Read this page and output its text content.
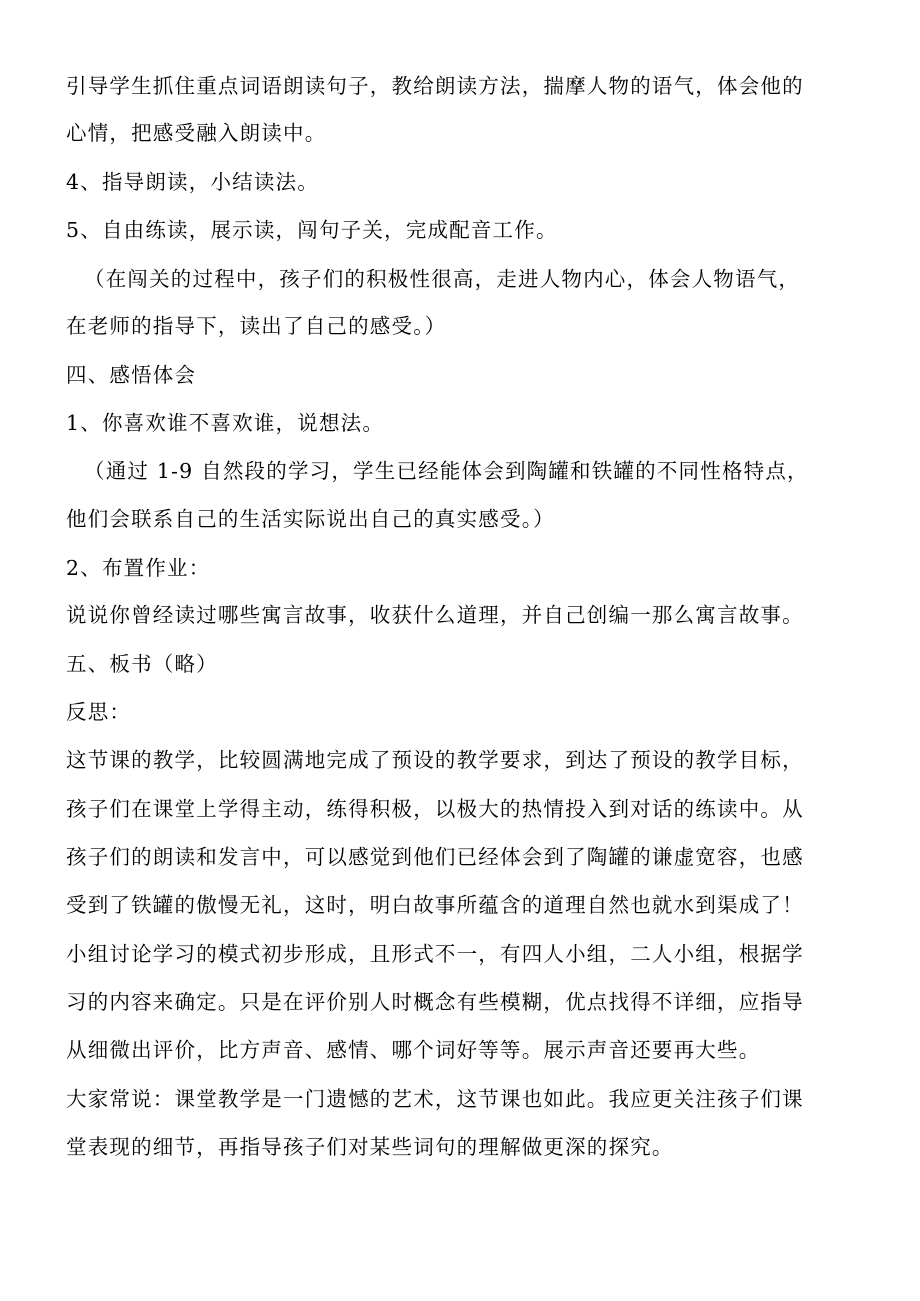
引导学生抓住重点词语朗读句子，教给朗读方法，揣摩人物的语气，体会他的
心情，把感受融入朗读中。
4、指导朗读，小结读法。
5、自由练读，展示读，闯句子关，完成配音工作。
（在闯关的过程中，孩子们的积极性很高，走进人物内心，体会人物语气，
在老师的指导下，读出了自己的感受。）
四、感悟体会
1、你喜欢谁不喜欢谁，说想法。
（通过 1-9 自然段的学习，学生已经能体会到陶罐和铁罐的不同性格特点，
他们会联系自己的生活实际说出自己的真实感受。）
2、布置作业：
说说你曾经读过哪些寓言故事，收获什么道理，并自己创编一那么寓言故事。
五、板书（略）
反思：
这节课的教学，比较圆满地完成了预设的教学要求，到达了预设的教学目标，
孩子们在课堂上学得主动，练得积极，以极大的热情投入到对话的练读中。从
孩子们的朗读和发言中，可以感觉到他们已经体会到了陶罐的谦虚宽容，也感
受到了铁罐的傲慢无礼，这时，明白故事所蕴含的道理自然也就水到渠成了！
小组讨论学习的模式初步形成，且形式不一，有四人小组，二人小组，根据学
习的内容来确定。只是在评价别人时概念有些模糊，优点找得不详细，应指导
从细微出评价，比方声音、感情、哪个词好等等。展示声音还要再大些。
大家常说：课堂教学是一门遗憾的艺术，这节课也如此。我应更关注孩子们课
堂表现的细节，再指导孩子们对某些词句的理解做更深的探究。
